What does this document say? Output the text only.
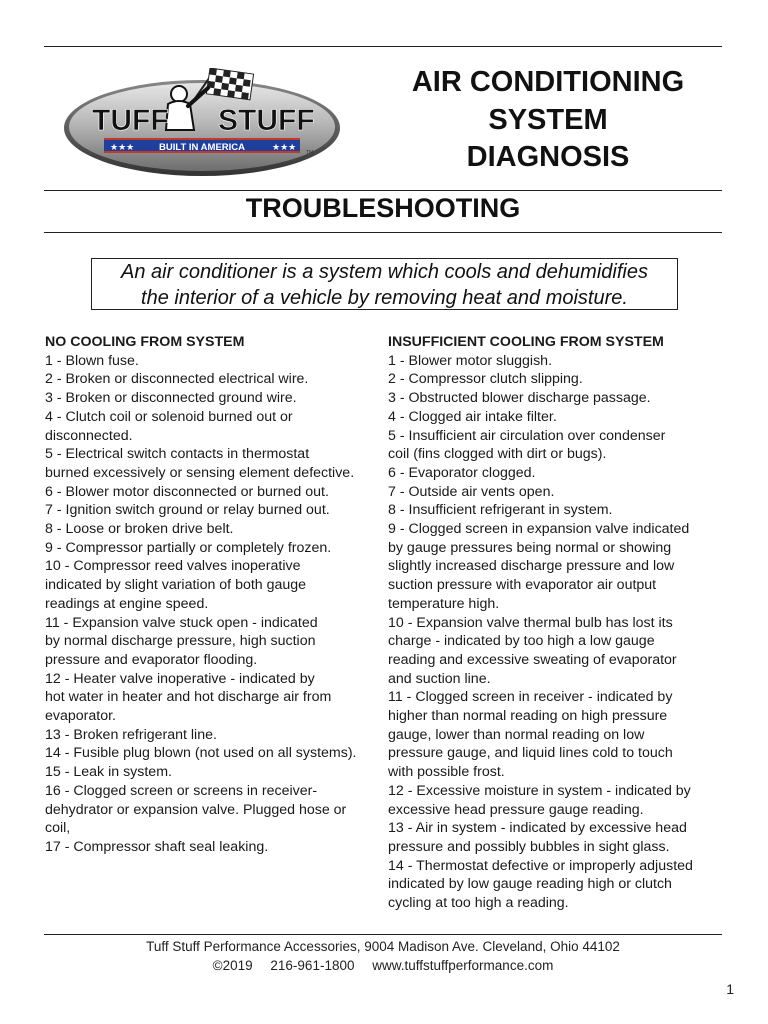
TUFF STUFF
★★★	BUILT IN AMERICA	★★★
TM
AIR CONDITIONING
SYSTEM
DIAGNOSIS
TROUBLESHOOTING
An air conditioner is a system which cools and dehumidifies
the interior of a vehicle by removing heat and moisture.
NO COOLING FROM SYSTEM

1 - Blown fuse.

2 - Broken or disconnected electrical wire.

3 - Broken or disconnected ground wire.

4 - Clutch coil or solenoid burned out or
disconnected.

5 - Electrical switch contacts in thermostat
burned excessively or sensing element defective.

6 - Blower motor disconnected or burned out.

7 - Ignition switch ground or relay burned out.

8 - Loose or broken drive belt.

9 - Compressor partially or completely frozen.

10 - Compressor reed valves inoperative
indicated by slight variation of both gauge
readings at engine speed.

11 - Expansion valve stuck open - indicated
by normal discharge pressure, high suction
pressure and evaporator flooding.

12 - Heater valve inoperative - indicated by
hot water in heater and hot discharge air from
evaporator.

13 - Broken refrigerant line.

14 - Fusible plug blown (not used on all systems).

15 - Leak in system.

16 - Clogged screen or screens in receiver-
dehydrator or expansion valve. Plugged hose or
coil,

17 - Compressor shaft seal leaking.

INSUFFICIENT COOLING FROM SYSTEM

1 - Blower motor sluggish.

2 - Compressor clutch slipping.

3 - Obstructed blower discharge passage.

4 - Clogged air intake filter.

5 - Insufficient air circulation over condenser
coil (fins clogged with dirt or bugs).

6 - Evaporator clogged.

7 - Outside air vents open.

8 - Insufficient refrigerant in system.

9 - Clogged screen in expansion valve indicated
by gauge pressures being normal or showing
slightly increased discharge pressure and low
suction pressure with evaporator air output
temperature high.

10 - Expansion valve thermal bulb has lost its
charge - indicated by too high a low gauge
reading and excessive sweating of evaporator
and suction line.

11 - Clogged screen in receiver - indicated by
higher than normal reading on high pressure
gauge, lower than normal reading on low
pressure gauge, and liquid lines cold to touch
with possible frost.

12 - Excessive moisture in system - indicated by
excessive head pressure gauge reading.

13 - Air in system - indicated by excessive head
pressure and possibly bubbles in sight glass.

14 - Thermostat defective or improperly adjusted
indicated by low gauge reading high or clutch
cycling at too high a reading.

Tuff Stuff Performance Accessories, 9004 Madison Ave. Cleveland, Ohio 44102
©2019 216-961-1800 www.tuffstuffperformance.com
1
